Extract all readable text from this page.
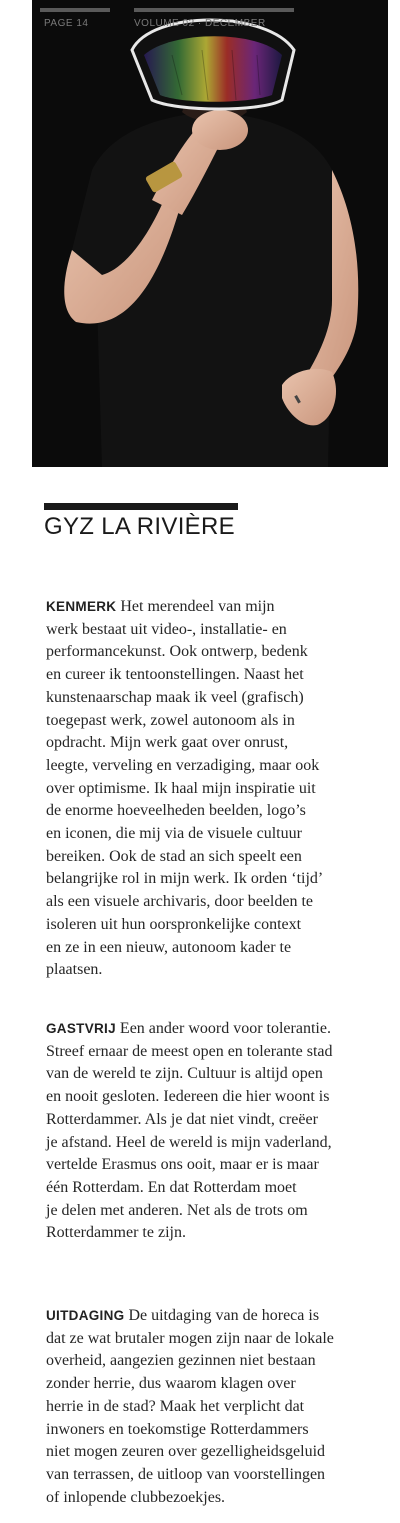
PAGE 14	VOLUME 02 · DECEMBER
GYZ LA RIVIÈRE
KENMERK Het merendeel van mijn
werk bestaat uit video-, installatie- en
performancekunst. Ook ontwerp, bedenk
en cureer ik tentoonstellingen. Naast het
kunstenaarschap maak ik veel (grafisch)
toegepast werk, zowel autonoom als in
opdracht. Mijn werk gaat over onrust,
leegte, verveling en verzadiging, maar ook
over optimisme. Ik haal mijn inspiratie uit
de enorme hoeveelheden beelden, logo’s
en iconen, die mij via de visuele cultuur
bereiken. Ook de stad an sich speelt een
belangrijke rol in mijn werk. Ik orden ‘tijd’
als een visuele archivaris, door beelden te
isoleren uit hun oorspronkelijke context
en ze in een nieuw, autonoom kader te
plaatsen.
GASTVRIJ Een ander woord voor tolerantie.
Streef ernaar de meest open en tolerante stad
van de wereld te zijn. Cultuur is altijd open
en nooit gesloten. Iedereen die hier woont is
Rotterdammer. Als je dat niet vindt, creëer
je afstand. Heel de wereld is mijn vaderland,
vertelde Erasmus ons ooit, maar er is maar
één Rotterdam. En dat Rotterdam moet
je delen met anderen. Net als de trots om
Rotterdammer te zijn.
UITDAGING De uitdaging van de horeca is
dat ze wat brutaler mogen zijn naar de lokale
overheid, aangezien gezinnen niet bestaan
zonder herrie, dus waarom klagen over
herrie in de stad? Maak het verplicht dat
inwoners en toekomstige Rotterdammers
niet mogen zeuren over gezelligheidsgeluid
van terrassen, de uitloop van voorstellingen
of inlopende clubbezoekjes.
